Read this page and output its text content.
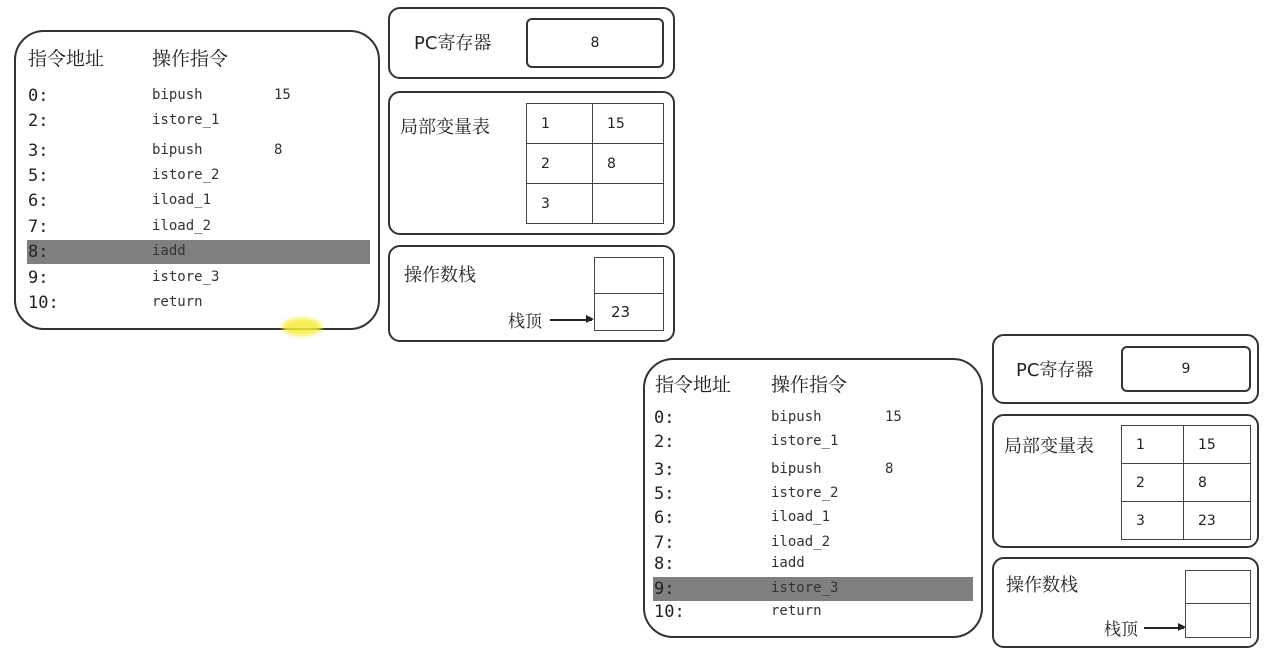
指令地址	操作指令
0:	bipush	15
2:	istore_1
3:	bipush	8
5:	istore_2
6:	iload_1
7:	iload_2
8:	iadd
9:	istore_3
10:	return
PC寄存器	8
局部变量表	1	15
2	8
3	
操作数栈
栈顶	23
指令地址 操作指令
0:	bipush	15
2:	istore_1
3:	bipush	8
5:	istore_2
6:	iload_1
7:	iload_2
8:	iadd
9:	istore_3
10:	return
PC寄存器	9
局部变量表	1	15
2	8
3	23
操作数栈
栈顶
